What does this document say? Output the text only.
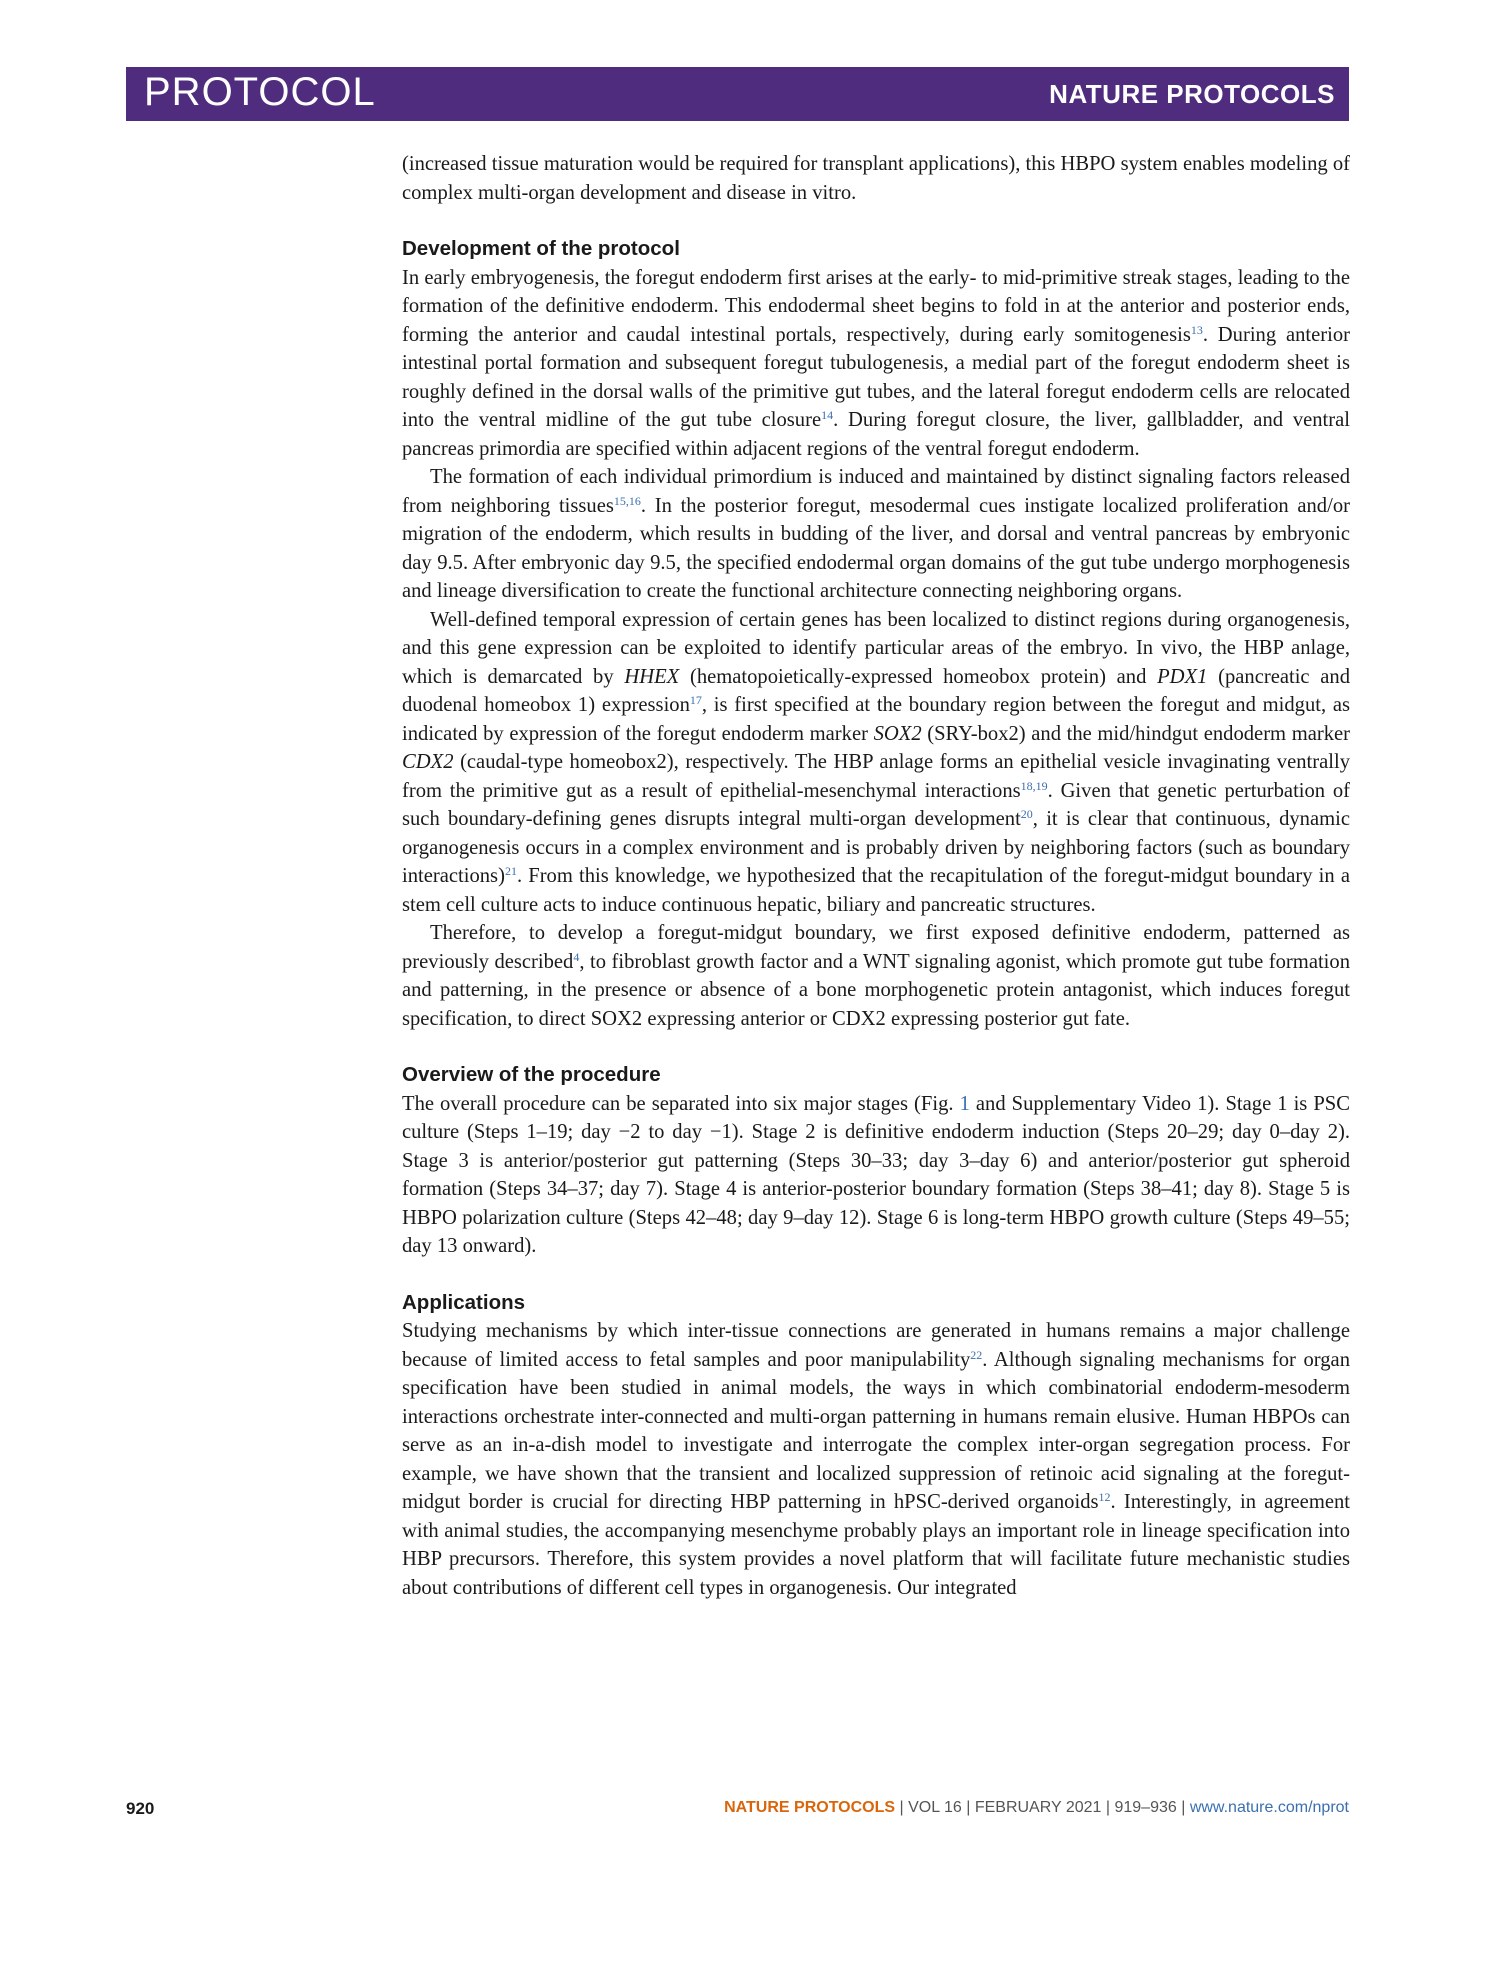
PROTOCOL	NATURE PROTOCOLS

(increased tissue maturation would be required for transplant applications), this HBPO system enables modeling of complex multi-organ development and disease in vitro.

Development of the protocol

In early embryogenesis, the foregut endoderm first arises at the early- to mid-primitive streak stages, leading to the formation of the definitive endoderm. This endodermal sheet begins to fold in at the anterior and posterior ends, forming the anterior and caudal intestinal portals, respectively, during early somitogenesis$^{13}$. During anterior intestinal portal formation and subsequent foregut tubulogenesis, a medial part of the foregut endoderm sheet is roughly defined in the dorsal walls of the primitive gut tubes, and the lateral foregut endoderm cells are relocated into the ventral midline of the gut tube closure$^{14}$. During foregut closure, the liver, gallbladder, and ventral pancreas primordia are specified within adjacent regions of the ventral foregut endoderm.

The formation of each individual primordium is induced and maintained by distinct signaling factors released from neighboring tissues$^{15,16}$. In the posterior foregut, mesodermal cues instigate localized proliferation and/or migration of the endoderm, which results in budding of the liver, and dorsal and ventral pancreas by embryonic day 9.5. After embryonic day 9.5, the specified endodermal organ domains of the gut tube undergo morphogenesis and lineage diversification to create the functional architecture connecting neighboring organs.

Well-defined temporal expression of certain genes has been localized to distinct regions during organogenesis, and this gene expression can be exploited to identify particular areas of the embryo. In vivo, the HBP anlage, which is demarcated by HHEX (hematopoietically-expressed homeobox protein) and PDX1 (pancreatic and duodenal homeobox 1) expression$^{17}$, is first specified at the boundary region between the foregut and midgut, as indicated by expression of the foregut endoderm marker SOX2 (SRY-box2) and the mid/hindgut endoderm marker CDX2 (caudal-type homeobox2), respectively. The HBP anlage forms an epithelial vesicle invaginating ventrally from the primitive gut as a result of epithelial-mesenchymal interactions$^{18,19}$. Given that genetic perturbation of such boundary-defining genes disrupts integral multi-organ development$^{20}$, it is clear that continuous, dynamic organogenesis occurs in a complex environment and is probably driven by neighboring factors (such as boundary interactions)$^{21}$. From this knowledge, we hypothesized that the recapitulation of the foregut-midgut boundary in a stem cell culture acts to induce continuous hepatic, biliary and pancreatic structures.

Therefore, to develop a foregut-midgut boundary, we first exposed definitive endoderm, patterned as previously described$^4$, to fibroblast growth factor and a WNT signaling agonist, which promote gut tube formation and patterning, in the presence or absence of a bone morphogenetic protein antagonist, which induces foregut specification, to direct SOX2 expressing anterior or CDX2 expressing posterior gut fate.

Overview of the procedure

The overall procedure can be separated into six major stages (Fig. 1 and Supplementary Video 1). Stage 1 is PSC culture (Steps 1–19; day −2 to day −1). Stage 2 is definitive endoderm induction (Steps 20–29; day 0–day 2). Stage 3 is anterior/posterior gut patterning (Steps 30–33; day 3–day 6) and anterior/posterior gut spheroid formation (Steps 34–37; day 7). Stage 4 is anterior-posterior boundary formation (Steps 38–41; day 8). Stage 5 is HBPO polarization culture (Steps 42–48; day 9–day 12). Stage 6 is long-term HBPO growth culture (Steps 49–55; day 13 onward).

Applications

Studying mechanisms by which inter-tissue connections are generated in humans remains a major challenge because of limited access to fetal samples and poor manipulability$^{22}$. Although signaling mechanisms for organ specification have been studied in animal models, the ways in which combinatorial endoderm-mesoderm interactions orchestrate inter-connected and multi-organ patterning in humans remain elusive. Human HBPOs can serve as an in-a-dish model to investigate and interrogate the complex inter-organ segregation process. For example, we have shown that the transient and localized suppression of retinoic acid signaling at the foregut-midgut border is crucial for directing HBP patterning in hPSC-derived organoids$^{12}$. Interestingly, in agreement with animal studies, the accompanying mesenchyme probably plays an important role in lineage specification into HBP precursors. Therefore, this system provides a novel platform that will facilitate future mechanistic studies about contributions of different cell types in organogenesis. Our integrated

920	NATURE PROTOCOLS | VOL 16 | FEBRUARY 2021 | 919–936 | www.nature.com/nprot
